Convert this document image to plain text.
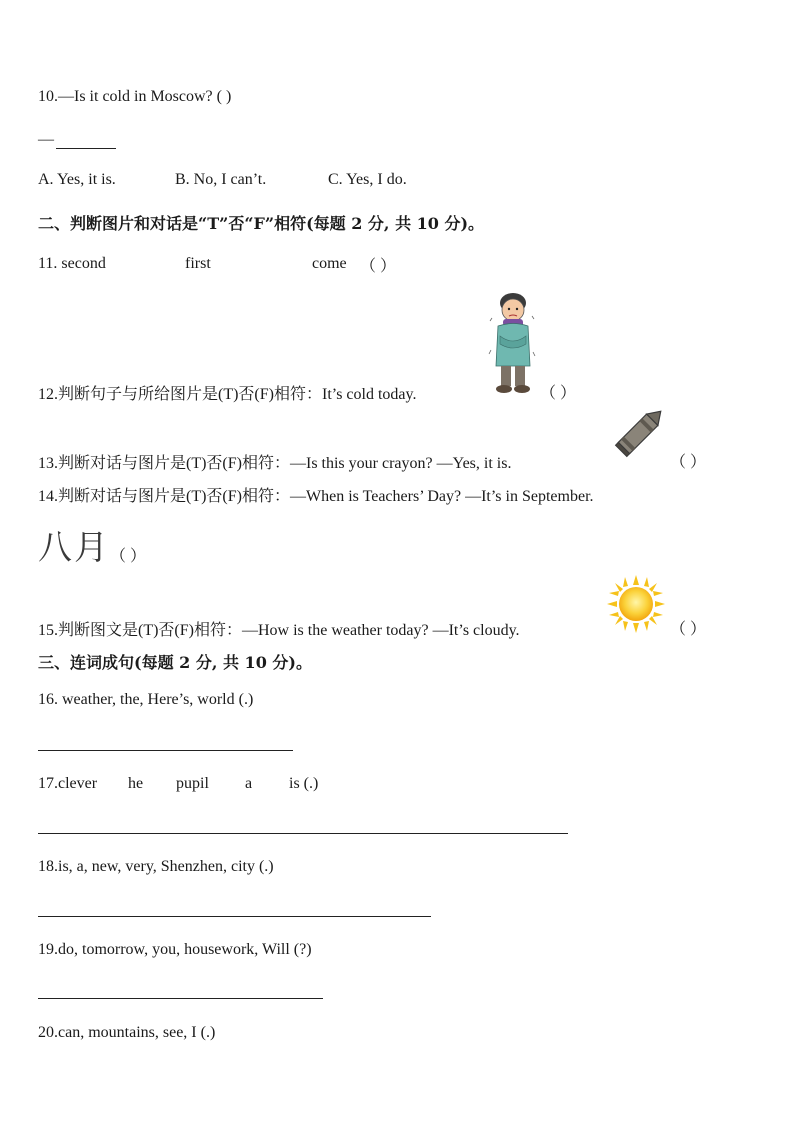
10.—Is it cold in Moscow? ( )
—
A. Yes, it is.	B. No, I can’t.	C. Yes, I do.
二、判断图片和对话是“T”否“F”相符(每题 2 分, 共 10 分)。
11. second	first	come （ ）
12.判断句子与所给图片是(T)否(F)相符：It’s cold today.	（ ）
13.判断对话与图片是(T)否(F)相符：—Is this your crayon? —Yes, it is.	（ ）
14.判断对话与图片是(T)否(F)相符：—When is Teachers’ Day? —It’s in September.
八月 （ ）
15.判断图文是(T)否(F)相符：—How is the weather today? —It’s cloudy.	（ ）
三、连词成句(每题 2 分, 共 10 分)。
16. weather, the, Here’s, world (.)
17.clever he pupil a is (.)
18.is, a, new, very, Shenzhen, city (.)
19.do, tomorrow, you, housework, Will (?)
20.can, mountains, see, I (.)
